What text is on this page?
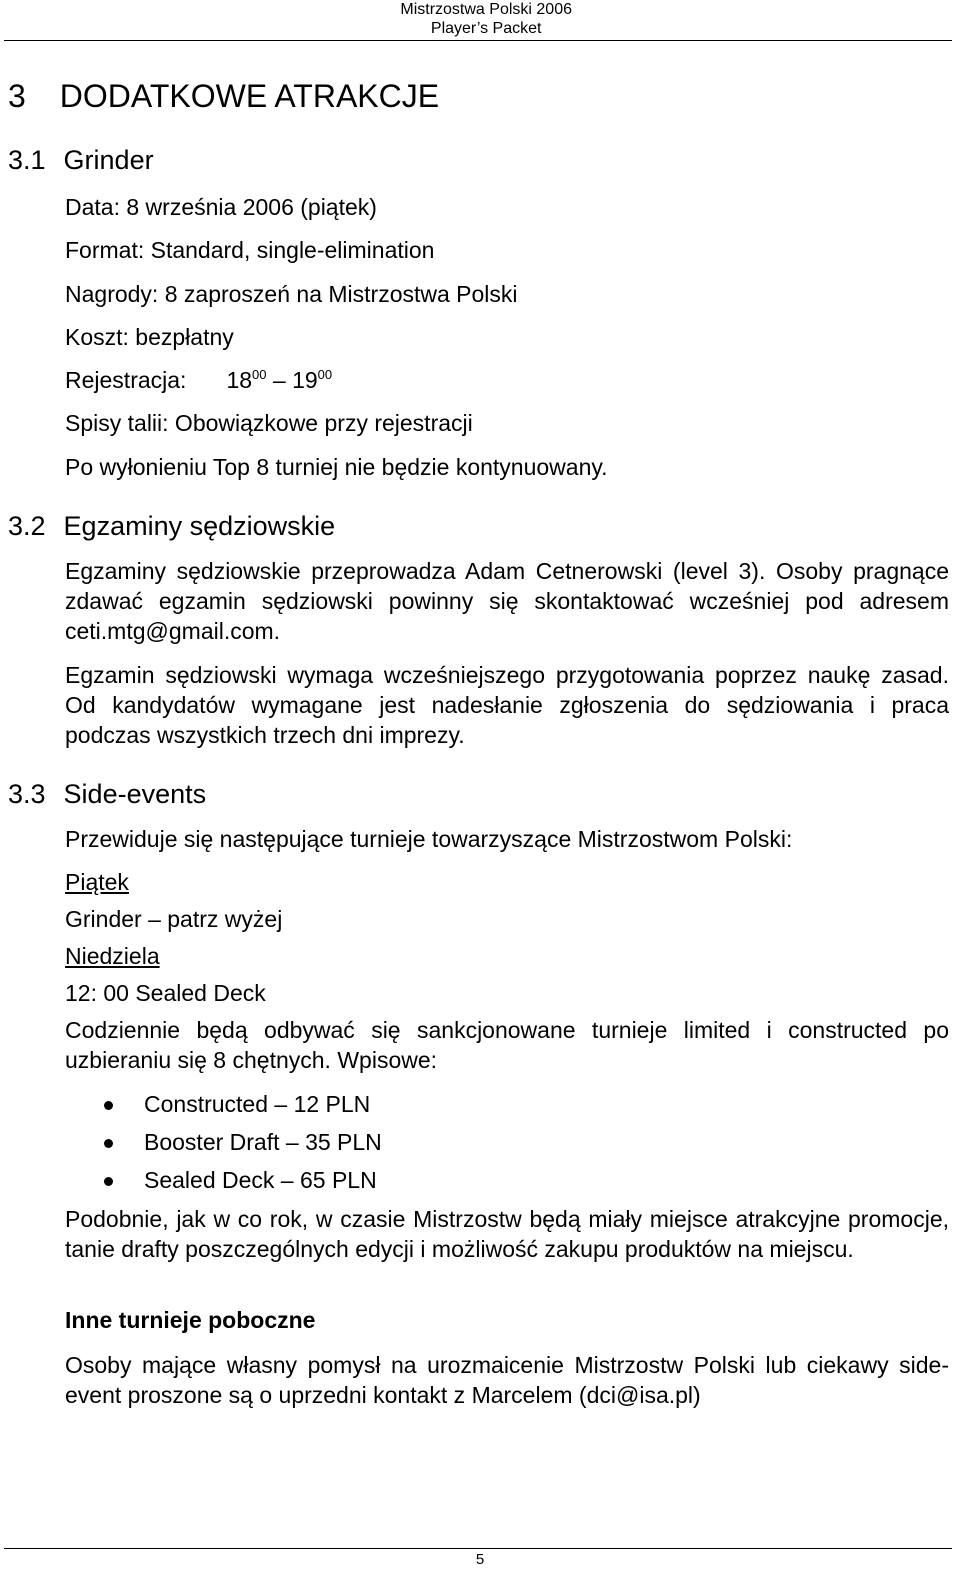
Mistrzostwa Polski 2006
Player’s Packet
3 DODATKOWE ATRAKCJE
3.1 Grinder
Data: 8 września 2006 (piątek)
Format: Standard, single-elimination
Nagrody: 8 zaproszeń na Mistrzostwa Polski
Koszt: bezpłatny
Rejestracja: $18^{00} - 19^{00}$
Spisy talii: Obowiązkowe przy rejestracji
Po wyłonieniu Top 8 turniej nie będzie kontynuowany.
3.2 Egzaminy sędziowskie
Egzaminy sędziowskie przeprowadza Adam Cetnerowski (level 3). Osoby pragnące zdawać egzamin sędziowski powinny się skontaktować wcześniej pod adresem ceti.mtg@gmail.com.
Egzamin sędziowski wymaga wcześniejszego przygotowania poprzez naukę zasad. Od kandydatów wymagane jest nadesłanie zgłoszenia do sędziowania i praca podczas wszystkich trzech dni imprezy.
3.3 Side-events
Przewiduje się następujące turnieje towarzyszące Mistrzostwom Polski:
Piątek
Grinder – patrz wyżej
Niedziela
12: 00 Sealed Deck
Codziennie będą odbywać się sankcjonowane turnieje limited i constructed po uzbieraniu się 8 chętnych. Wpisowe:
Constructed – 12 PLN
Booster Draft – 35 PLN
Sealed Deck – 65 PLN
Podobnie, jak w co rok, w czasie Mistrzostw będą miały miejsce atrakcyjne promocje, tanie drafty poszczególnych edycji i możliwość zakupu produktów na miejscu.
Inne turnieje poboczne
Osoby mające własny pomysł na urozmaicenie Mistrzostw Polski lub ciekawy side-event proszone są o uprzedni kontakt z Marcelem (dci@isa.pl)
5
